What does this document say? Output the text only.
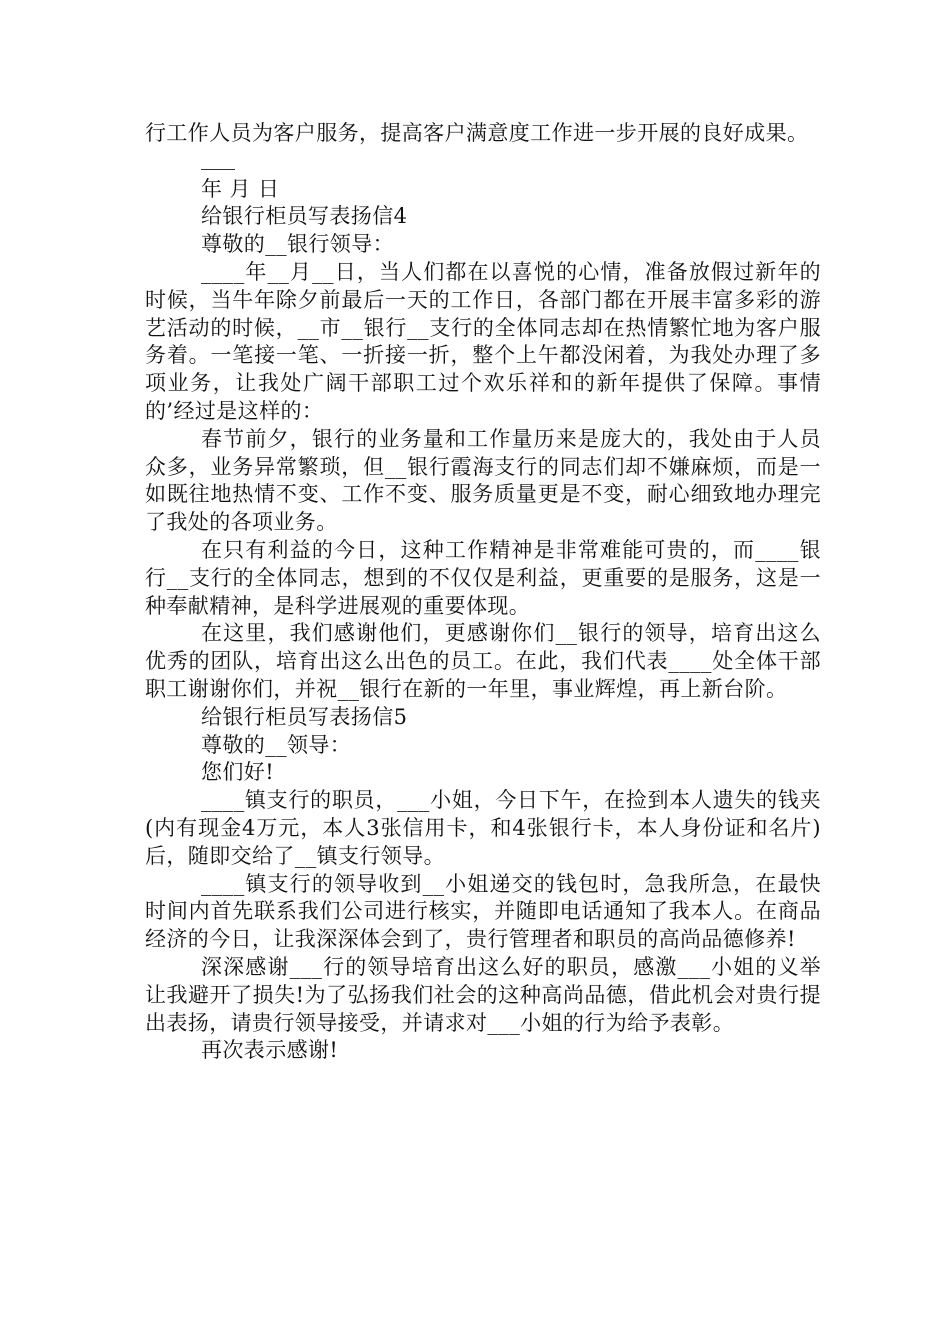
行工作人员为客户服务，提高客户满意度工作进一步开展的良好成果。

年 月 日

给银行柜员写表扬信4

尊敬的__银行领导：

____年__月__日，当人们都在以喜悦的心情，准备放假过新年的时候，当牛年除夕前最后一天的工作日，各部门都在开展丰富多彩的游艺活动的时候，__市__银行__支行的全体同志却在热情繁忙地为客户服务着。一笔接一笔、一折接一折，整个上午都没闲着，为我处办理了多项业务，让我处广阔干部职工过个欢乐祥和的新年提供了保障。事情的’经过是这样的：

春节前夕，银行的业务量和工作量历来是庞大的，我处由于人员众多，业务异常繁琐，但__银行霞海支行的同志们却不嫌麻烦，而是一如既往地热情不变、工作不变、服务质量更是不变，耐心细致地办理完了我处的各项业务。

在只有利益的今日，这种工作精神是非常难能可贵的，而____银行__支行的全体同志，想到的不仅仅是利益，更重要的是服务，这是一种奉献精神，是科学进展观的重要体现。

在这里，我们感谢他们，更感谢你们__银行的领导，培育出这么优秀的团队，培育出这么出色的员工。在此，我们代表____处全体干部职工谢谢你们，并祝__银行在新的一年里，事业辉煌，再上新台阶。

给银行柜员写表扬信5

尊敬的__领导：

您们好!

____镇支行的职员，___小姐，今日下午，在捡到本人遗失的钱夹(内有现金4万元，本人3张信用卡，和4张银行卡，本人身份证和名片)后，随即交给了__镇支行领导。

____镇支行的领导收到__小姐递交的钱包时，急我所急，在最快时间内首先联系我们公司进行核实，并随即电话通知了我本人。在商品经济的今日，让我深深体会到了，贵行管理者和职员的高尚品德修养!

深深感谢___行的领导培育出这么好的职员，感激___小姐的义举让我避开了损失!为了弘扬我们社会的这种高尚品德，借此机会对贵行提出表扬，请贵行领导接受，并请求对___小姐的行为给予表彰。

再次表示感谢!
